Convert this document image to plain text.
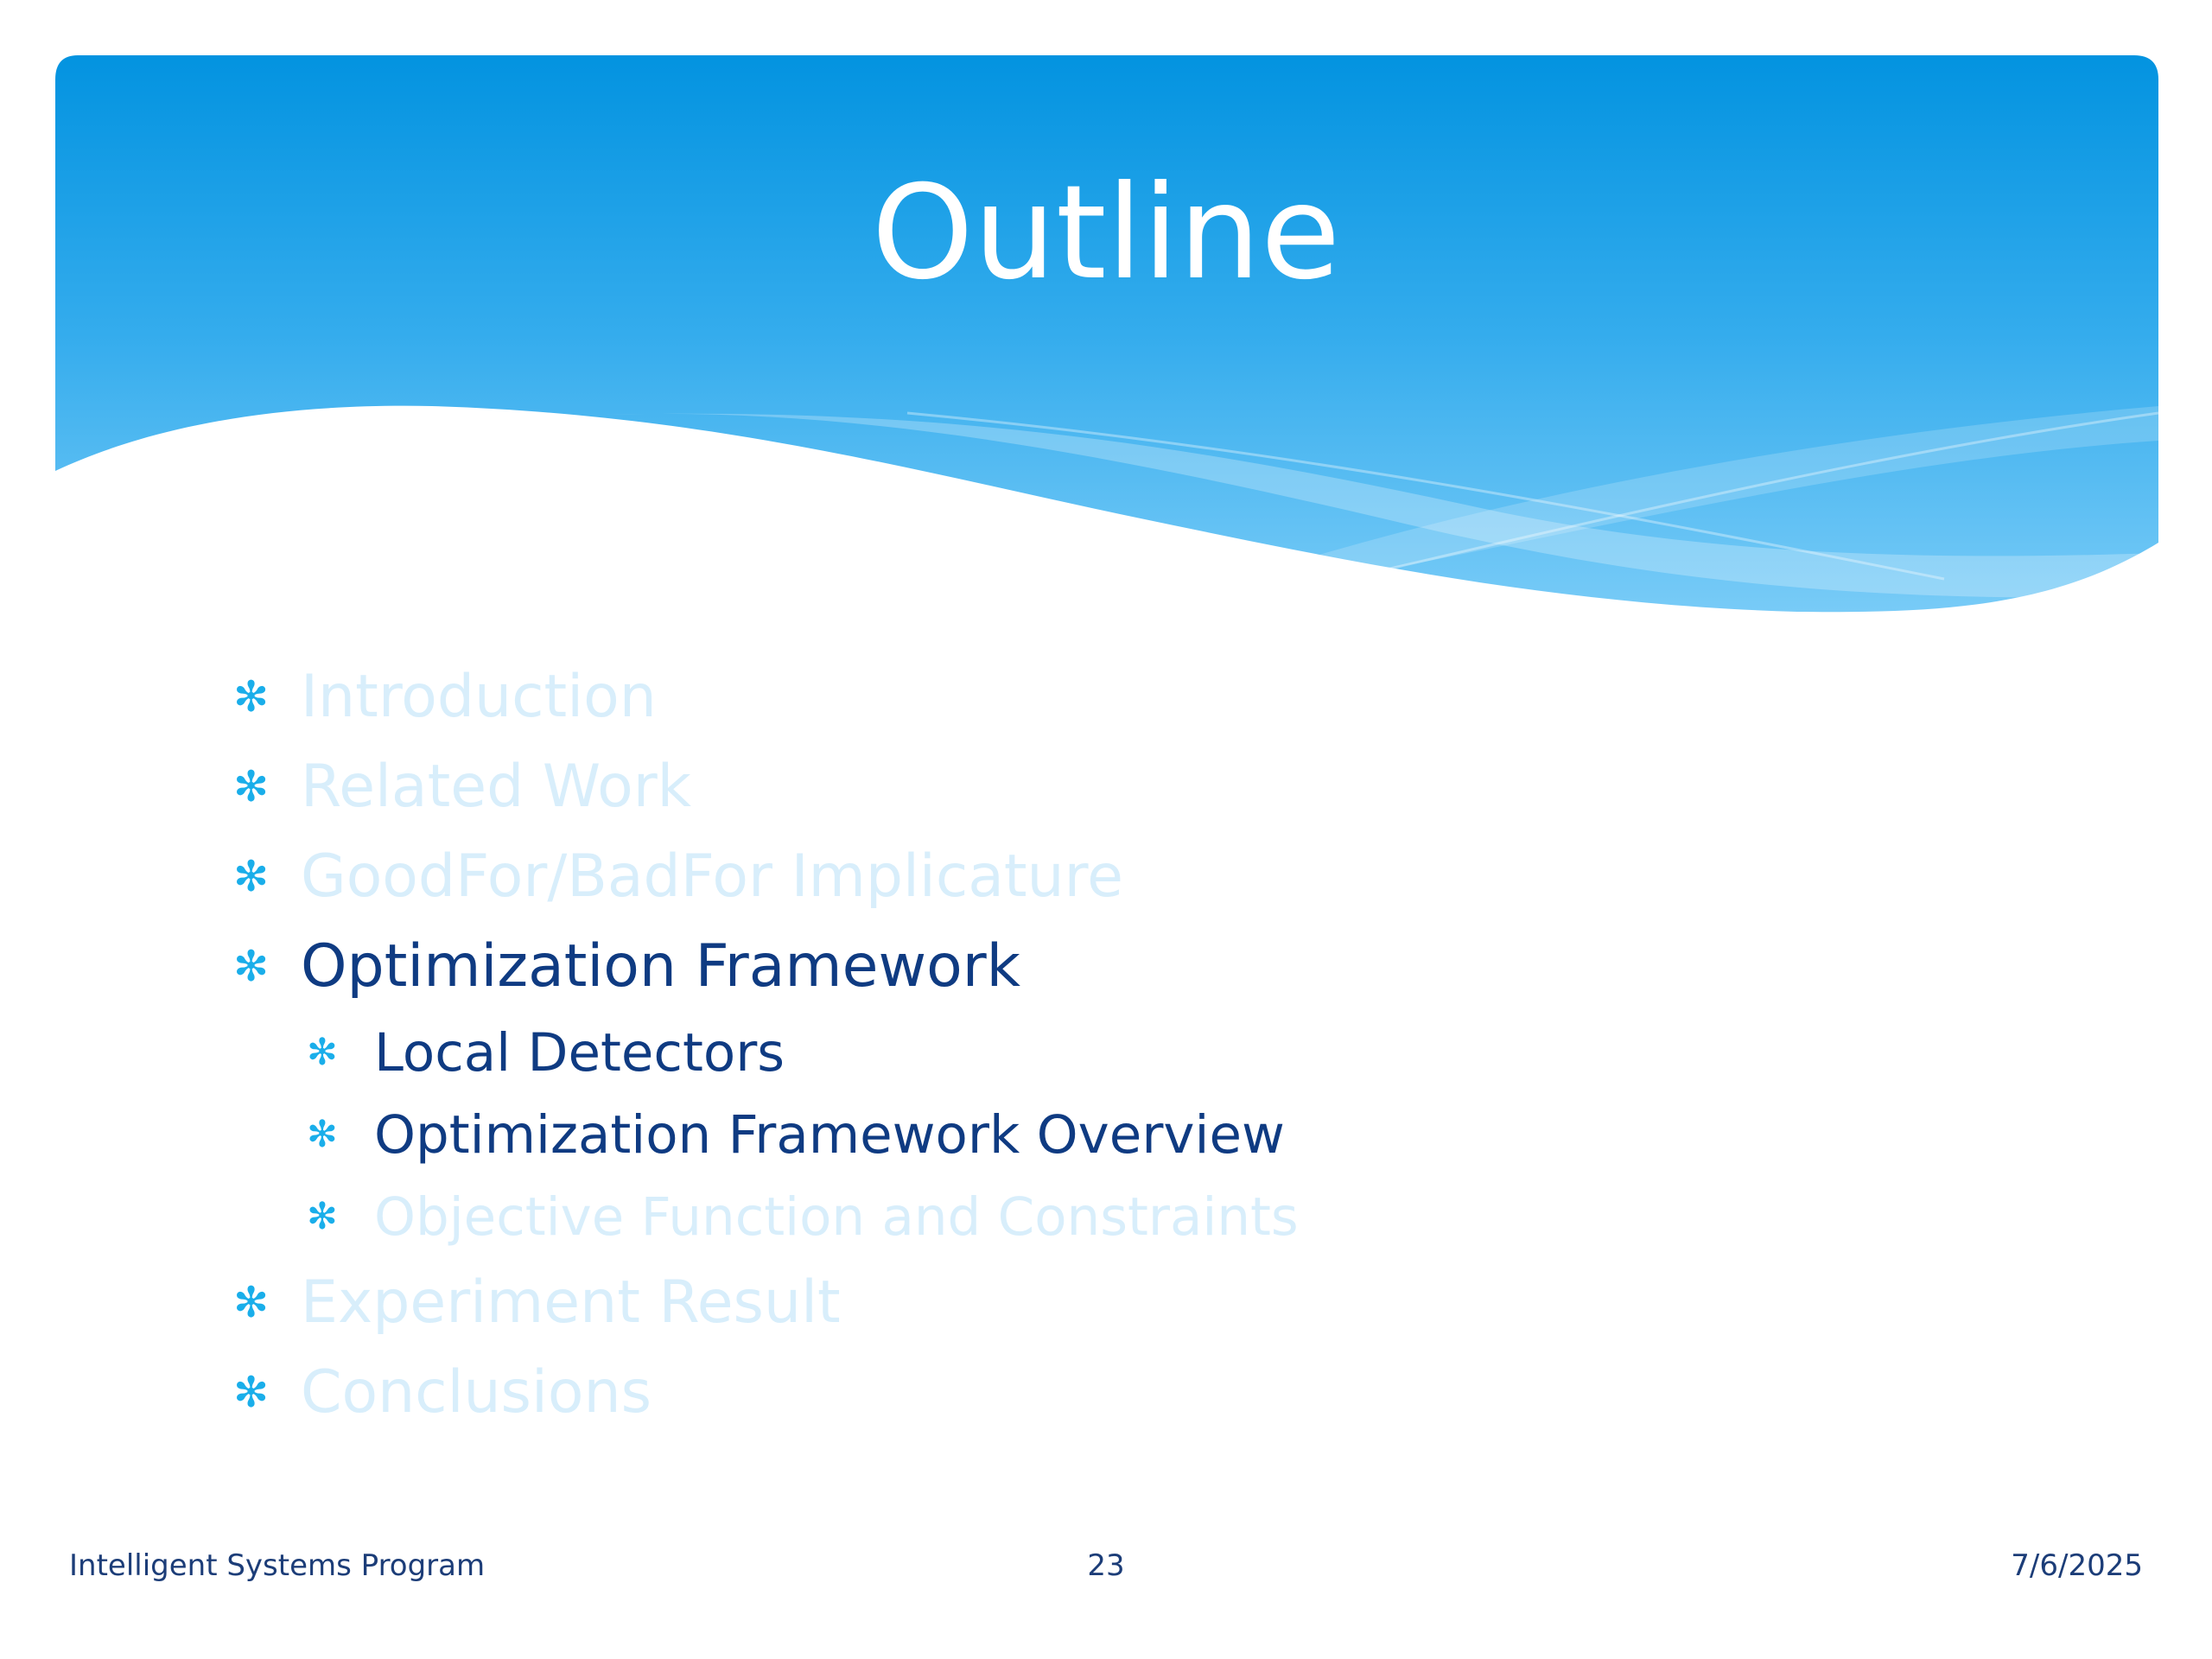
Outline
✻ Introduction
✻ Related Work
✻ GoodFor/BadFor Implicature
✻ Optimization Framework
✻ Local Detectors
✻ Optimization Framework Overview
✻ Objective Function and Constraints
✻ Experiment Result
✻ Conclusions
Intelligent Systems Program	23	7/6/2025
